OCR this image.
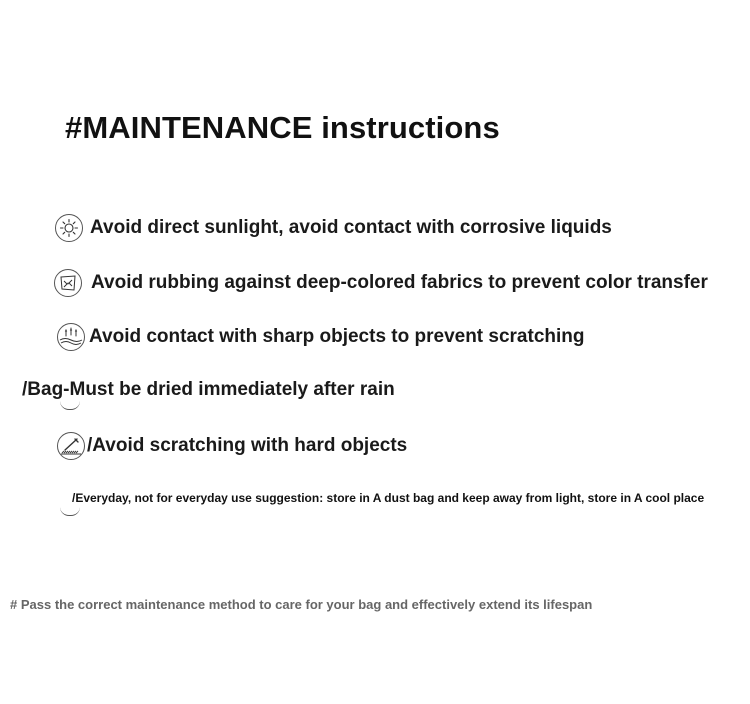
#MAINTENANCE instructions
Avoid direct sunlight, avoid contact with corrosive liquids
Avoid rubbing against deep-colored fabrics to prevent color transfer
Avoid contact with sharp objects to prevent scratching
/Bag-Must be dried immediately after rain
/Avoid scratching with hard objects
/Everyday, not for everyday use suggestion: store in A dust bag and keep away from light, store in A cool place
# Pass the correct maintenance method to care for your bag and effectively extend its lifespan
